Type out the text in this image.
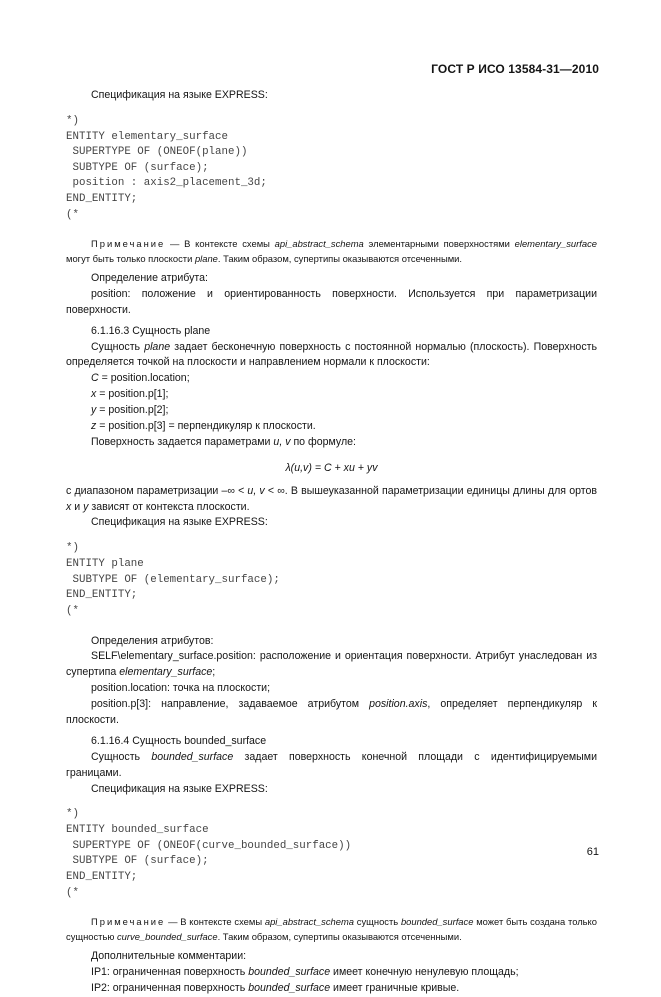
ГОСТ Р ИСО 13584-31—2010

Спецификация на языке EXPRESS:

*)
ENTITY elementary_surface
SUPERTYPE OF (ONEOF(plane))
SUBTYPE OF (surface);
position : axis2_placement_3d;
END_ENTITY;
(*

Примечание — В контексте схемы api_abstract_schema элементарными поверхностями elementary_surface могут быть только плоскости plane. Таким образом, супертипы оказываются отсеченными.

Определение атрибута:

position: положение и ориентированность поверхности. Используется при параметризации поверхности.

6.1.16.3 Сущность plane

Сущность plane задает бесконечную поверхность с постоянной нормалью (плоскость). Поверхность определяется точкой на плоскости и направлением нормали к плоскости:

C = position.location;

x = position.p[1];

y = position.p[2];

z = position.p[3] = перпендикуляр к плоскости.

Поверхность задается параметрами u, v по формуле:

λ(u,v) = C + xu + yv

с диапазоном параметризации –∞ < u, v < ∞. В вышеуказанной параметризации единицы длины для ортов x и y зависят от контекста плоскости.

Спецификация на языке EXPRESS:

*)
ENTITY plane
SUBTYPE OF (elementary_surface);
END_ENTITY;
(*

Определения атрибутов:

SELF\elementary_surface.position: расположение и ориентация поверхности. Атрибут унаследован из супертипа elementary_surface;

position.location: точка на плоскости;

position.p[3]: направление, задаваемое атрибутом position.axis, определяет перпендикуляр к плоскости.

6.1.16.4 Сущность bounded_surface

Сущность bounded_surface задает поверхность конечной площади с идентифицируемыми границами.

Спецификация на языке EXPRESS:

*)
ENTITY bounded_surface
SUPERTYPE OF (ONEOF(curve_bounded_surface))
SUBTYPE OF (surface);
END_ENTITY;
(*

Примечание — В контексте схемы api_abstract_schema сущность bounded_surface может быть создана только сущностью curve_bounded_surface. Таким образом, супертипы оказываются отсеченными.

Дополнительные комментарии:

IP1: ограниченная поверхность bounded_surface имеет конечную ненулевую площадь;

IP2: ограниченная поверхность bounded_surface имеет граничные кривые.

61
